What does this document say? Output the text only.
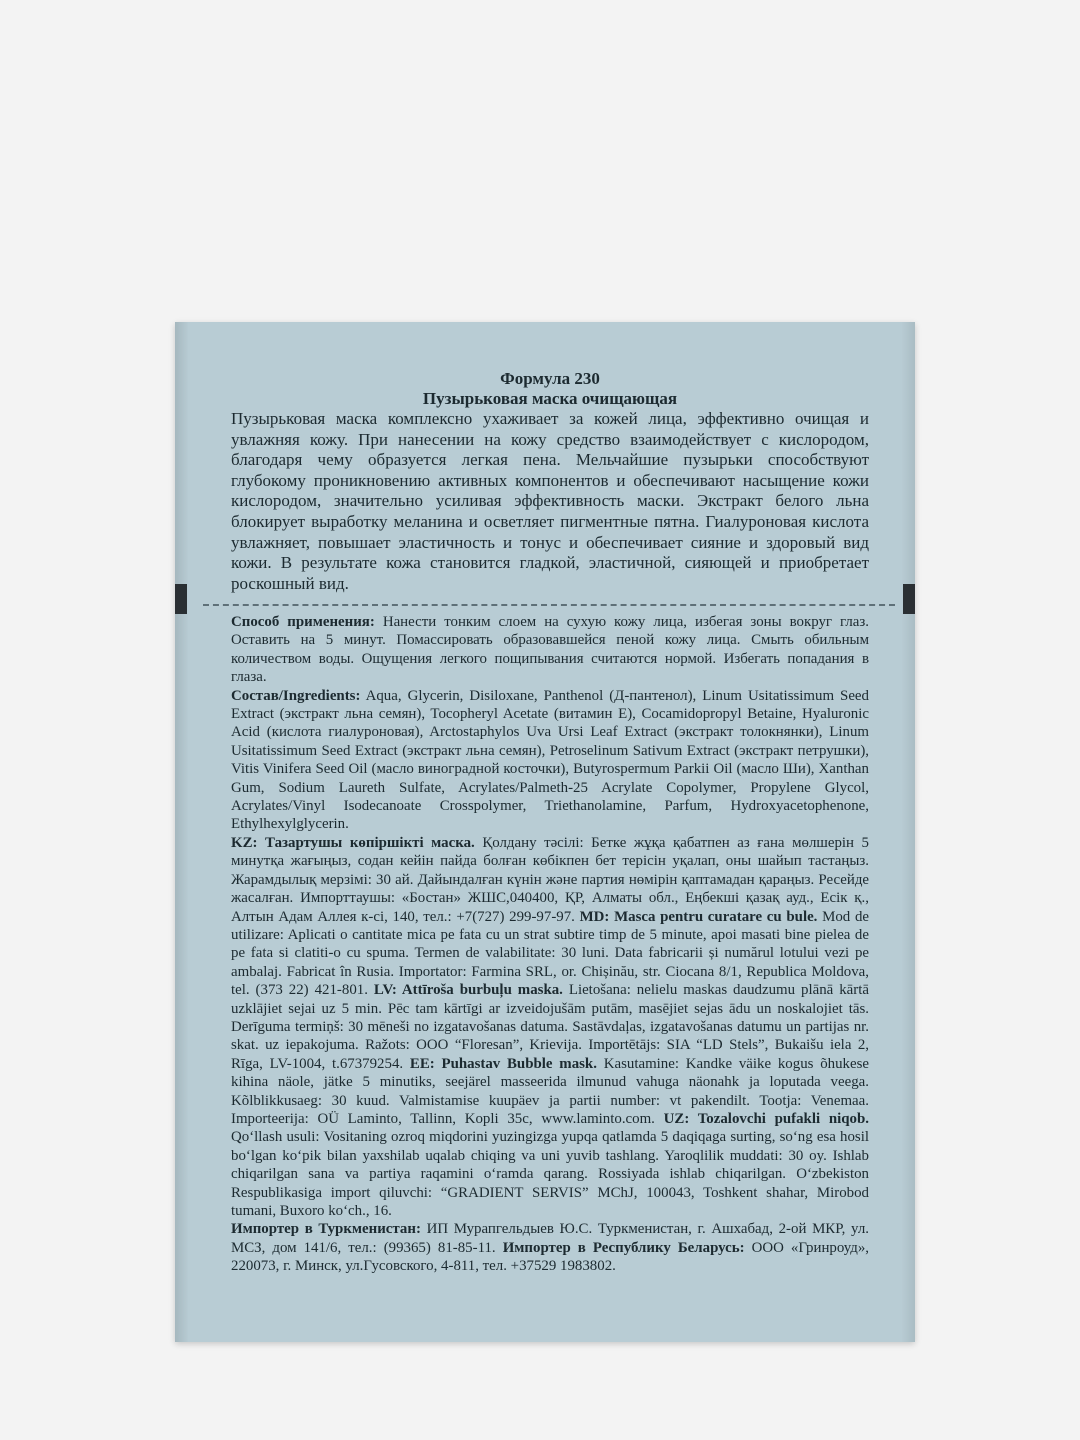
Формула 230
Пузырьковая маска очищающая

Пузырьковая маска комплексно ухаживает за кожей лица, эффективно очищая и увлажняя кожу. При нанесении на кожу средство взаимодействует с кислородом, благодаря чему образуется легкая пена. Мельчайшие пузырьки способствуют глубокому проникновению активных компонентов и обеспечивают насыщение кожи кислородом, значительно усиливая эффективность маски. Экстракт белого льна блокирует выработку меланина и осветляет пигментные пятна. Гиалуроновая кислота увлажняет, повышает эластичность и тонус и обеспечивает сияние и здоровый вид кожи. В результате кожа становится гладкой, эластичной, сияющей и приобретает роскошный вид.

Способ применения: Нанести тонким слоем на сухую кожу лица, избегая зоны вокруг глаз. Оставить на 5 минут. Помассировать образовавшейся пеной кожу лица. Смыть обильным количеством воды. Ощущения легкого пощипывания считаются нормой. Избегать попадания в глаза.

Состав/Ingredients: Aqua, Glycerin, Disiloxane, Panthenol (Д-пантенол), Linum Usitatissimum Seed Extract (экстракт льна семян), Tocopheryl Acetate (витамин Е), Cocamidopropyl Betaine, Hyaluronic Acid (кислота гиалуроновая), Arctostaphylos Uva Ursi Leaf Extract (экстракт толокнянки), Linum Usitatissimum Seed Extract (экстракт льна семян), Petroselinum Sativum Extract (экстракт петрушки), Vitis Vinifera Seed Oil (масло виноградной косточки), Butyrospermum Parkii Oil (масло Ши), Xanthan Gum, Sodium Laureth Sulfate, Acrylates/Palmeth-25 Acrylate Copolymer, Propylene Glycol, Acrylates/Vinyl Isodecanoate Crosspolymer, Triethanolamine, Parfum, Hydroxyacetophenone, Ethylhexylglycerin.

KZ: Тазартушы көпіршікті маска. Қолдану тәсілі: Бетке жұқа қабатпен аз ғана мөлшерін 5 минутқа жағыңыз, содан кейін пайда болған көбікпен бет терісін уқалап, оны шайып тастаңыз. Жарамдылық мерзімі: 30 ай. Дайындалған күнін және партия нөмірін қаптамадан қараңыз. Ресейде жасалған. Импорттаушы: «Бостан» ЖШС,040400, ҚР, Алматы обл., Еңбекші қазақ ауд., Есік қ., Алтын Адам Аллея к-сі, 140, тел.: +7(727) 299-97-97. MD: Masca pentru curatare cu bule. Mod de utilizare: Aplicati o cantitate mica pe fata cu un strat subtire timp de 5 minute, apoi masati bine pielea de pe fata si clatiti-o cu spuma. Termen de valabilitate: 30 luni. Data fabricarii și numărul lotului vezi pe ambalaj. Fabricat în Rusia. Importator: Farmina SRL, or. Chișinău, str. Ciocana 8/1, Republica Moldova, tel. (373 22) 421-801. LV: Attīroša burbuļu maska. Lietošana: nelielu maskas daudzumu plānā kārtā uzklājiet sejai uz 5 min. Pēc tam kārtīgi ar izveidojušām putām, masējiet sejas ādu un noskalojiet tās. Derīguma termiņš: 30 mēneši no izgatavošanas datuma. Sastāvdaļas, izgatavošanas datumu un partijas nr. skat. uz iepakojuma. Ražots: OOO “Floresan”, Krievija. Importētājs: SIA “LD Stels”, Bukaišu iela 2, Rīga, LV-1004, t.67379254. EE: Puhastav Bubble mask. Kasutamine: Kandke väike kogus õhukese kihina näole, jätke 5 minutiks, seejärel masseerida ilmunud vahuga näonahk ja loputada veega. Kõlblikkusaeg: 30 kuud. Valmistamise kuupäev ja partii number: vt pakendilt. Tootja: Venemaa. Importeerija: OÜ Laminto, Tallinn, Kopli 35c, www.laminto.com. UZ: Tozalovchi pufakli niqob. Qo‘llash usuli: Vositaning ozroq miqdorini yuzingizga yupqa qatlamda 5 daqiqaga surting, so‘ng esa hosil bo‘lgan ko‘pik bilan yaxshilab uqalab chiqing va uni yuvib tashlang. Yaroqlilik muddati: 30 oy. Ishlab chiqarilgan sana va partiya raqamini o‘ramda qarang. Rossiyada ishlab chiqarilgan. O‘zbekiston Respublikasiga import qiluvchi: “GRADIENT SERVIS” MChJ, 100043, Toshkent shahar, Mirobod tumani, Buxoro ko‘ch., 16.

Импортер в Туркменистан: ИП Мурапгельдыев Ю.С. Туркменистан, г. Ашхабад, 2-ой МКР, ул. МСЗ, дом 141/6, тел.: (99365) 81-85-11. Импортер в Республику Беларусь: ООО «Гринроуд», 220073, г. Минск, ул.Гусовского, 4-811, тел. +37529 1983802.
